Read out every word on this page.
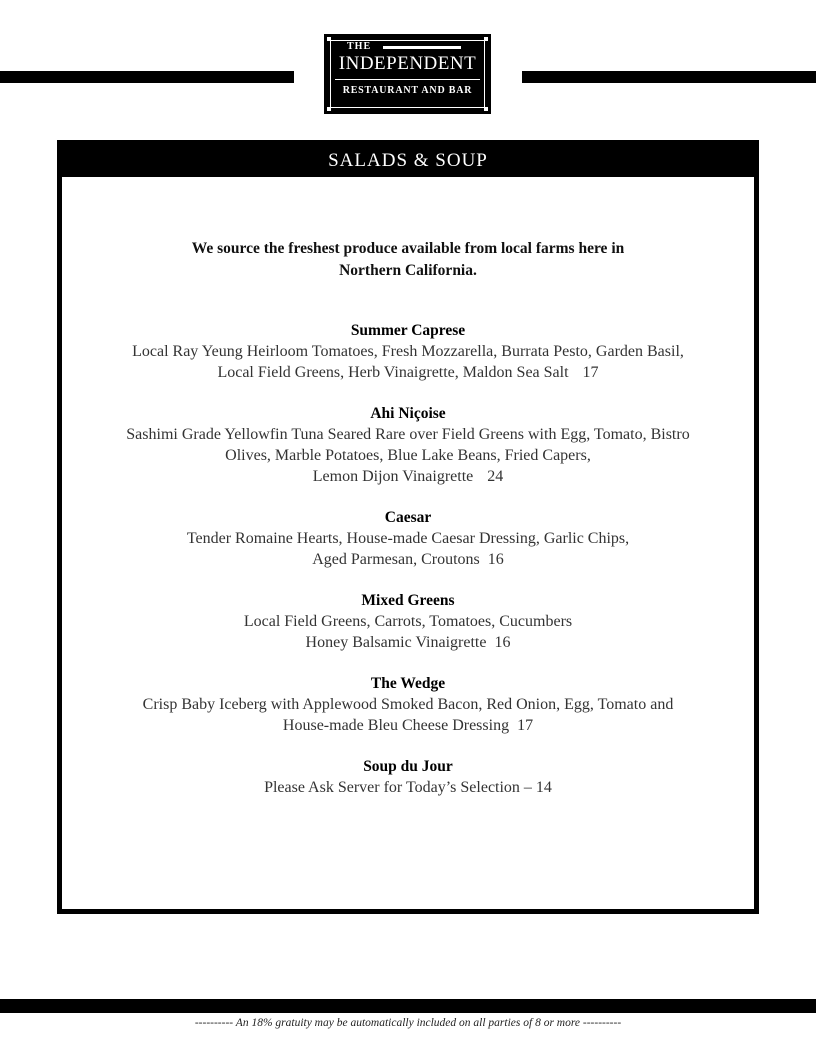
THE
INDEPENDENT
RESTAURANT AND BAR
SALADS & SOUP
We source the freshest produce available from local farms here in
Northern California.
Summer Caprese
Local Ray Yeung Heirloom Tomatoes, Fresh Mozzarella, Burrata Pesto, Garden Basil,
Local Field Greens, Herb Vinaigrette, Maldon Sea Salt 17
Ahi Niçoise
Sashimi Grade Yellowfin Tuna Seared Rare over Field Greens with Egg, Tomato, Bistro
Olives, Marble Potatoes, Blue Lake Beans, Fried Capers,
Lemon Dijon Vinaigrette 24
Caesar
Tender Romaine Hearts, House-made Caesar Dressing, Garlic Chips,
Aged Parmesan, Croutons 16
Mixed Greens
Local Field Greens, Carrots, Tomatoes, Cucumbers
Honey Balsamic Vinaigrette 16
The Wedge
Crisp Baby Iceberg with Applewood Smoked Bacon, Red Onion, Egg, Tomato and
House-made Bleu Cheese Dressing 17
Soup du Jour
Please Ask Server for Today’s Selection – 14
---------- An 18% gratuity may be automatically included on all parties of 8 or more ----------
